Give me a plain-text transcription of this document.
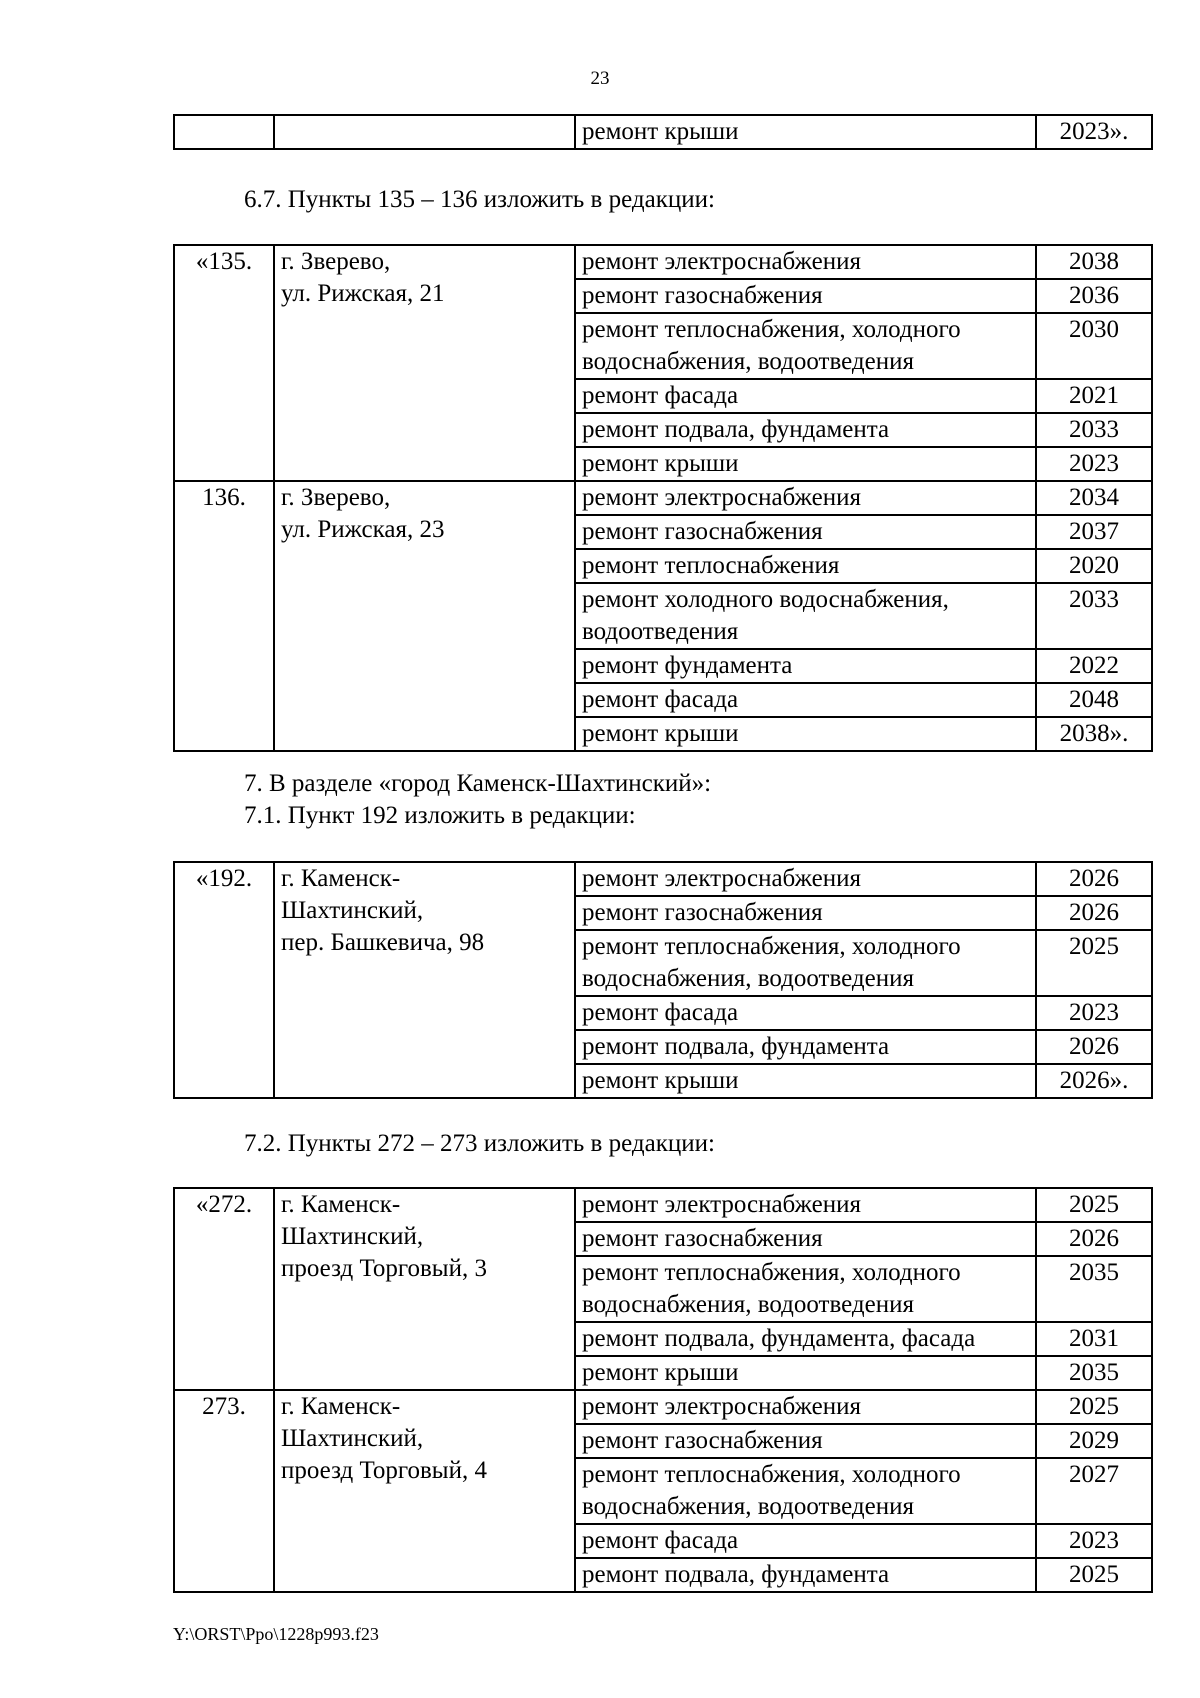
23
		ремонт крыши	2023».
6.7. Пункты 135 – 136 изложить в редакции:
«135.	г. Зверево,
ул. Рижская, 21	ремонт электроснабжения	2038
		ремонт газоснабжения	2036
		ремонт теплоснабжения, холодного водоснабжения, водоотведения	2030
		ремонт фасада	2021
		ремонт подвала, фундамента	2033
		ремонт крыши	2023
136.	г. Зверево,
ул. Рижская, 23	ремонт электроснабжения	2034
		ремонт газоснабжения	2037
		ремонт теплоснабжения	2020
		ремонт холодного водоснабжения, водоотведения	2033
		ремонт фундамента	2022
		ремонт фасада	2048
		ремонт крыши	2038».
7. В разделе «город Каменск-Шахтинский»:
7.1. Пункт 192 изложить в редакции:
«192.	г. Каменск-
Шахтинский,
пер. Башкевича, 98	ремонт электроснабжения	2026
		ремонт газоснабжения	2026
		ремонт теплоснабжения, холодного водоснабжения, водоотведения	2025
		ремонт фасада	2023
		ремонт подвала, фундамента	2026
		ремонт крыши	2026».
7.2. Пункты 272 – 273 изложить в редакции:
«272.	г. Каменск-
Шахтинский,
проезд Торговый, 3	ремонт электроснабжения	2025
		ремонт газоснабжения	2026
		ремонт теплоснабжения, холодного водоснабжения, водоотведения	2035
		ремонт подвала, фундамента, фасада	2031
		ремонт крыши	2035
273.	г. Каменск-
Шахтинский,
проезд Торговый, 4	ремонт электроснабжения	2025
		ремонт газоснабжения	2029
		ремонт теплоснабжения, холодного водоснабжения, водоотведения	2027
		ремонт фасада	2023
		ремонт подвала, фундамента	2025
Y:\ORST\Ppo\1228p993.f23
